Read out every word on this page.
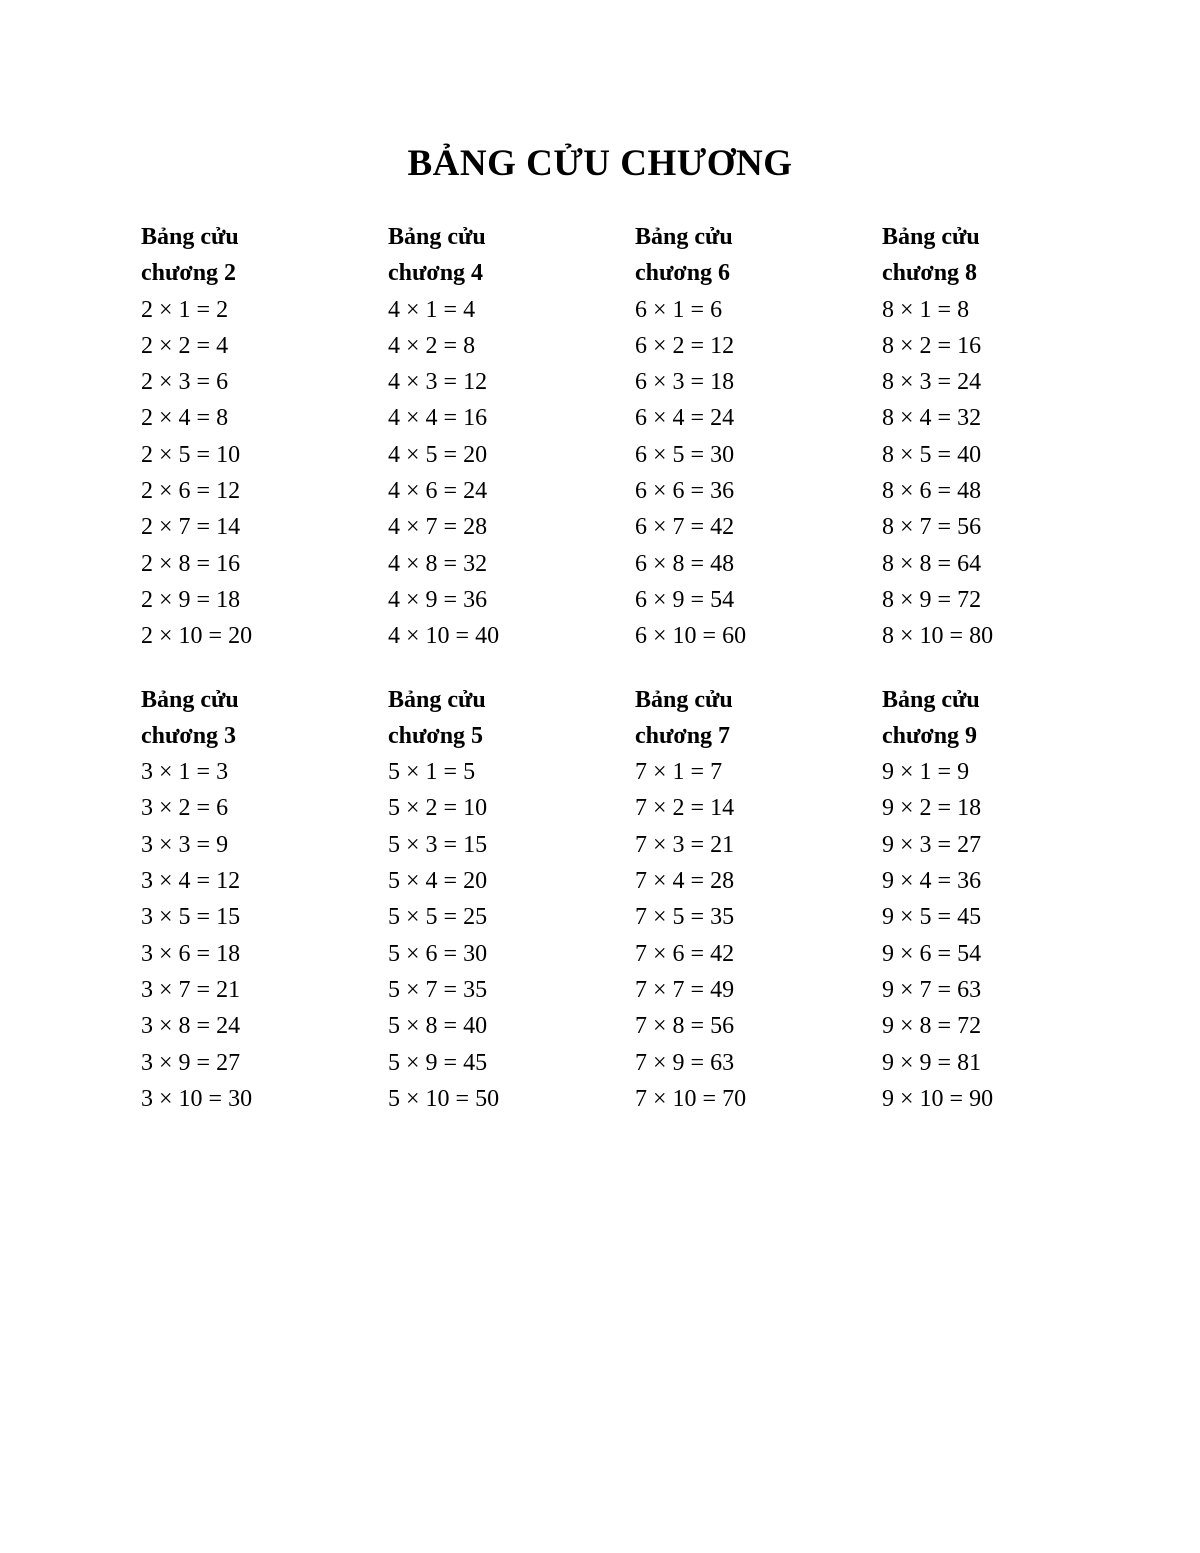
BẢNG CỬU CHƯƠNG
Bảng cửu
chương 2
2 × 1 = 2
2 × 2 = 4
2 × 3 = 6
2 × 4 = 8
2 × 5 = 10
2 × 6 = 12
2 × 7 = 14
2 × 8 = 16
2 × 9 = 18
2 × 10 = 20
Bảng cửu
chương 4
4 × 1 = 4
4 × 2 = 8
4 × 3 = 12
4 × 4 = 16
4 × 5 = 20
4 × 6 = 24
4 × 7 = 28
4 × 8 = 32
4 × 9 = 36
4 × 10 = 40
Bảng cửu
chương 6
6 × 1 = 6
6 × 2 = 12
6 × 3 = 18
6 × 4 = 24
6 × 5 = 30
6 × 6 = 36
6 × 7 = 42
6 × 8 = 48
6 × 9 = 54
6 × 10 = 60
Bảng cửu
chương 8
8 × 1 = 8
8 × 2 = 16
8 × 3 = 24
8 × 4 = 32
8 × 5 = 40
8 × 6 = 48
8 × 7 = 56
8 × 8 = 64
8 × 9 = 72
8 × 10 = 80
Bảng cửu
chương 3
3 × 1 = 3
3 × 2 = 6
3 × 3 = 9
3 × 4 = 12
3 × 5 = 15
3 × 6 = 18
3 × 7 = 21
3 × 8 = 24
3 × 9 = 27
3 × 10 = 30
Bảng cửu
chương 5
5 × 1 = 5
5 × 2 = 10
5 × 3 = 15
5 × 4 = 20
5 × 5 = 25
5 × 6 = 30
5 × 7 = 35
5 × 8 = 40
5 × 9 = 45
5 × 10 = 50
Bảng cửu
chương 7
7 × 1 = 7
7 × 2 = 14
7 × 3 = 21
7 × 4 = 28
7 × 5 = 35
7 × 6 = 42
7 × 7 = 49
7 × 8 = 56
7 × 9 = 63
7 × 10 = 70
Bảng cửu
chương 9
9 × 1 = 9
9 × 2 = 18
9 × 3 = 27
9 × 4 = 36
9 × 5 = 45
9 × 6 = 54
9 × 7 = 63
9 × 8 = 72
9 × 9 = 81
9 × 10 = 90
